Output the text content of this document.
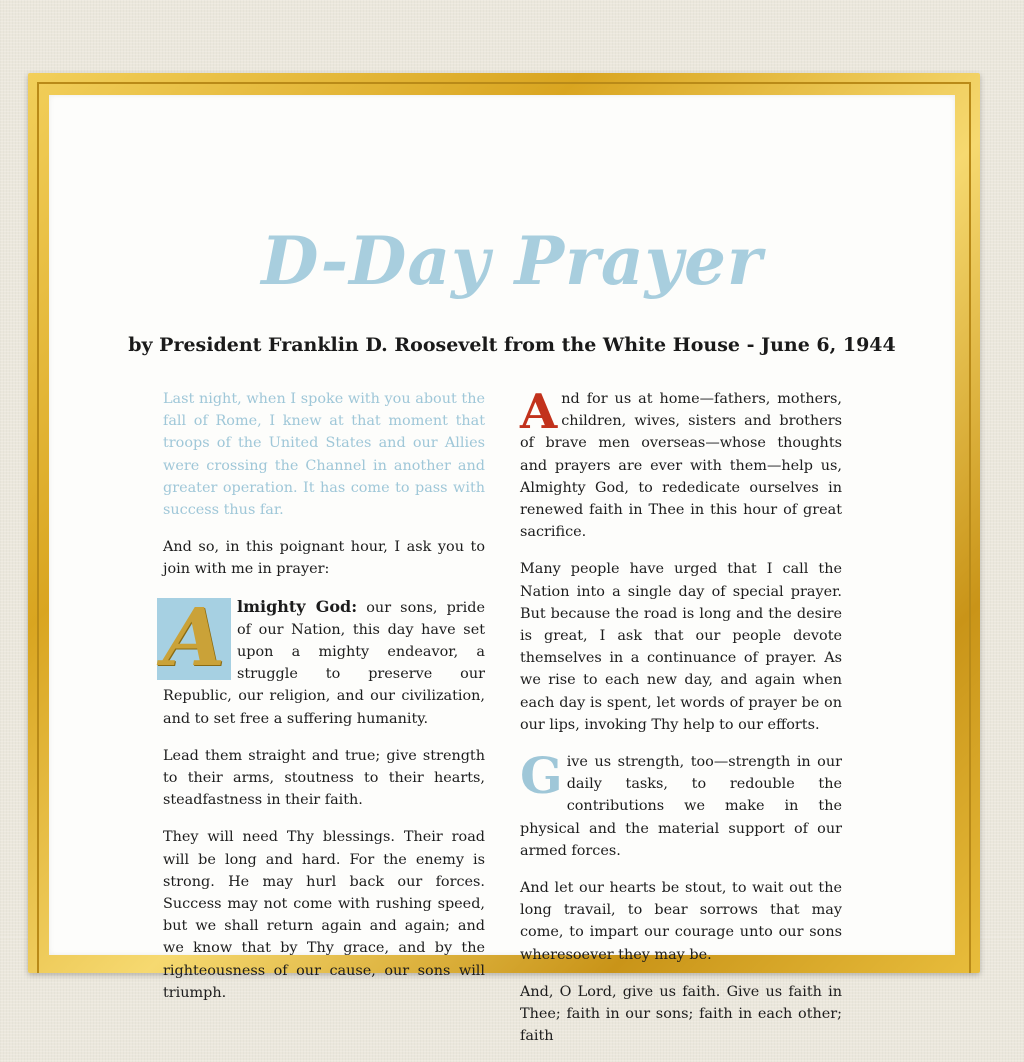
D-Day Prayer

by President Franklin D. Roosevelt from the White House - June 6, 1944

Last night, when I spoke with you about the fall of Rome, I knew at that moment that troops of the United States and our Allies were crossing the Channel in another and greater operation. It has come to pass with success thus far.

And so, in this poignant hour, I ask you to join with me in prayer:

A lmighty God: our sons, pride of our Nation, this day have set upon a mighty endeavor, a struggle to preserve our Republic, our religion, and our civilization, and to set free a suffering humanity.

Lead them straight and true; give strength to their arms, stoutness to their hearts, steadfastness in their faith.

They will need Thy blessings. Their road will be long and hard. For the enemy is strong. He may hurl back our forces. Success may not come with rushing speed, but we shall return again and again; and we know that by Thy grace, and by the righteousness of our cause, our sons will triumph.

And for us at home—fathers, mothers, children, wives, sisters and brothers of brave men overseas—whose thoughts and prayers are ever with them—help us, Almighty God, to rededicate ourselves in renewed faith in Thee in this hour of great sacrifice.

Many people have urged that I call the Nation into a single day of special prayer. But because the road is long and the desire is great, I ask that our people devote themselves in a continuance of prayer. As we rise to each new day, and again when each day is spent, let words of prayer be on our lips, invoking Thy help to our efforts.

Give us strength, too—strength in our daily tasks, to redouble the contributions we make in the physical and the material support of our armed forces.

And let our hearts be stout, to wait out the long travail, to bear sorrows that may come, to impart our courage unto our sons wheresoever they may be.

And, O Lord, give us faith. Give us faith in Thee; faith in our sons; faith in each other; faith
